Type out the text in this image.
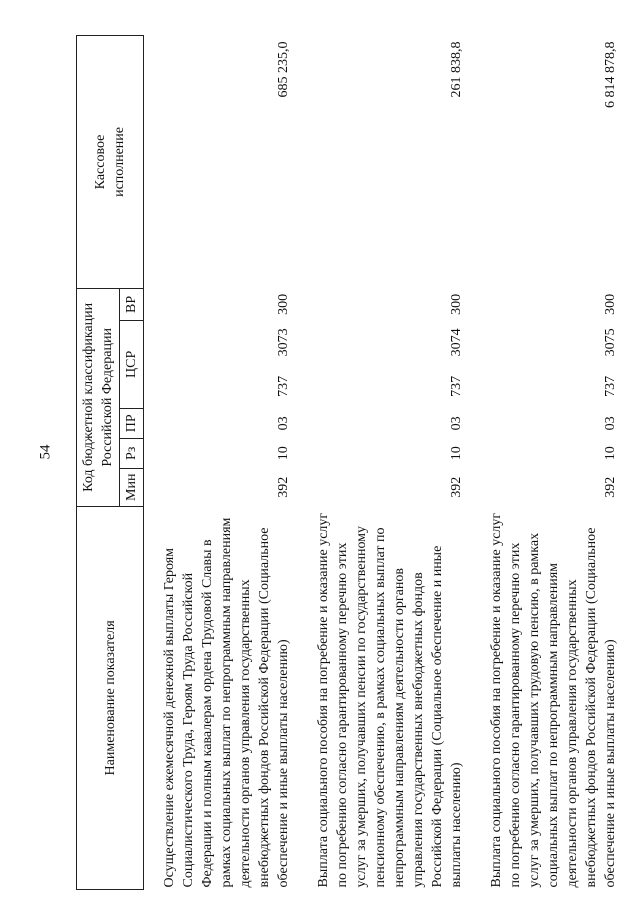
54
Наименование показателя	Код бюджетной классификации Российской Федерации						Кассовое исполнение
	Мин	Рз	ПР	ЦСР		ВР	
Осуществление ежемесячной денежной выплаты Героям Социалистического Труда, Героям Труда Российской Федерации и полным кавалерам ордена Трудовой Славы в рамках социальных выплат по непрограммным направлениям деятельности органов управления государственных внебюджетных фондов Российской Федерации (Социальное обеспечение и иные выплаты населению)	392	10	03	737	3073	300	685 235,0
Выплата социального пособия на погребение и оказание услуг по погребению согласно гарантированному перечню этих услуг за умерших, получавших пенсии по государственному пенсионному обеспечению, в рамках социальных выплат по непрограммным направлениям деятельности органов управления государственных внебюджетных фондов Российской Федерации (Социальное обеспечение и иные выплаты населению)	392	10	03	737	3074	300	261 838,8
Выплата социального пособия на погребение и оказание услуг по погребению согласно гарантированному перечню этих услуг за умерших, получавших трудовую пенсию, в рамках социальных выплат по непрограммным направлениям деятельности органов управления государственных внебюджетных фондов Российской Федерации (Социальное обеспечение и иные выплаты населению)	392	10	03	737	3075	300	6 814 878,8
